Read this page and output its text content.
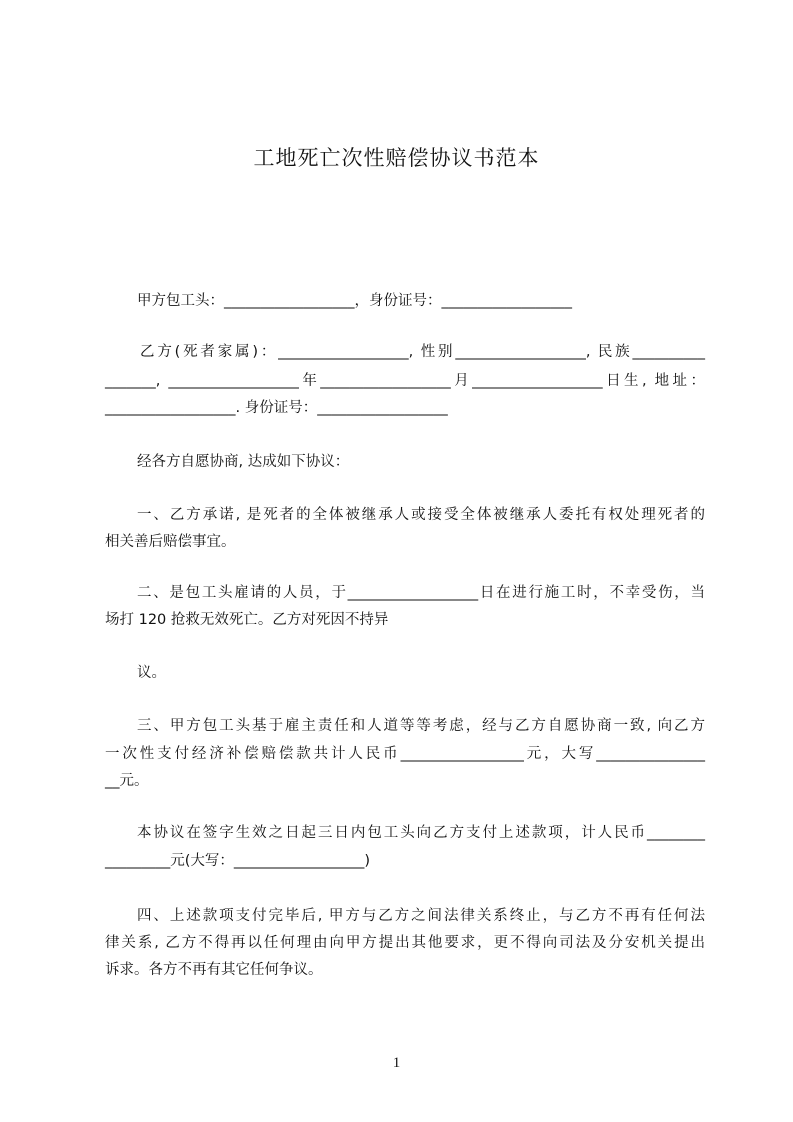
工地死亡次性赔偿协议书范本
甲方包工头：__________________，身份证号：__________________
乙方(死者家属)：__________________, 性别__________________, 民族__________
_______, __________________年__________________月__________________日生, 地址：
__________________. 身份证号：__________________
经各方自愿协商, 达成如下协议：
一、乙方承诺, 是死者的全体被继承人或接受全体被继承人委托有权处理死者的
相关善后赔偿事宜。
二、是包工头雇请的人员，于__________________日在进行施工时，不幸受伤，当
场打 120 抢救无效死亡。乙方对死因不持异
议。
三、甲方包工头基于雇主责任和人道等等考虑，经与乙方自愿协商一致, 向乙方
一次性支付经济补偿赔偿款共计人民币_________________元，大写_______________
__元。
本协议在签字生效之日起三日内包工头向乙方支付上述款项，计人民币________
_________元(大写：__________________)
四、上述款项支付完毕后, 甲方与乙方之间法律关系终止，与乙方不再有任何法
律关系, 乙方不得再以任何理由向甲方提出其他要求，更不得向司法及分安机关提出
诉求。各方不再有其它任何争议。
1
